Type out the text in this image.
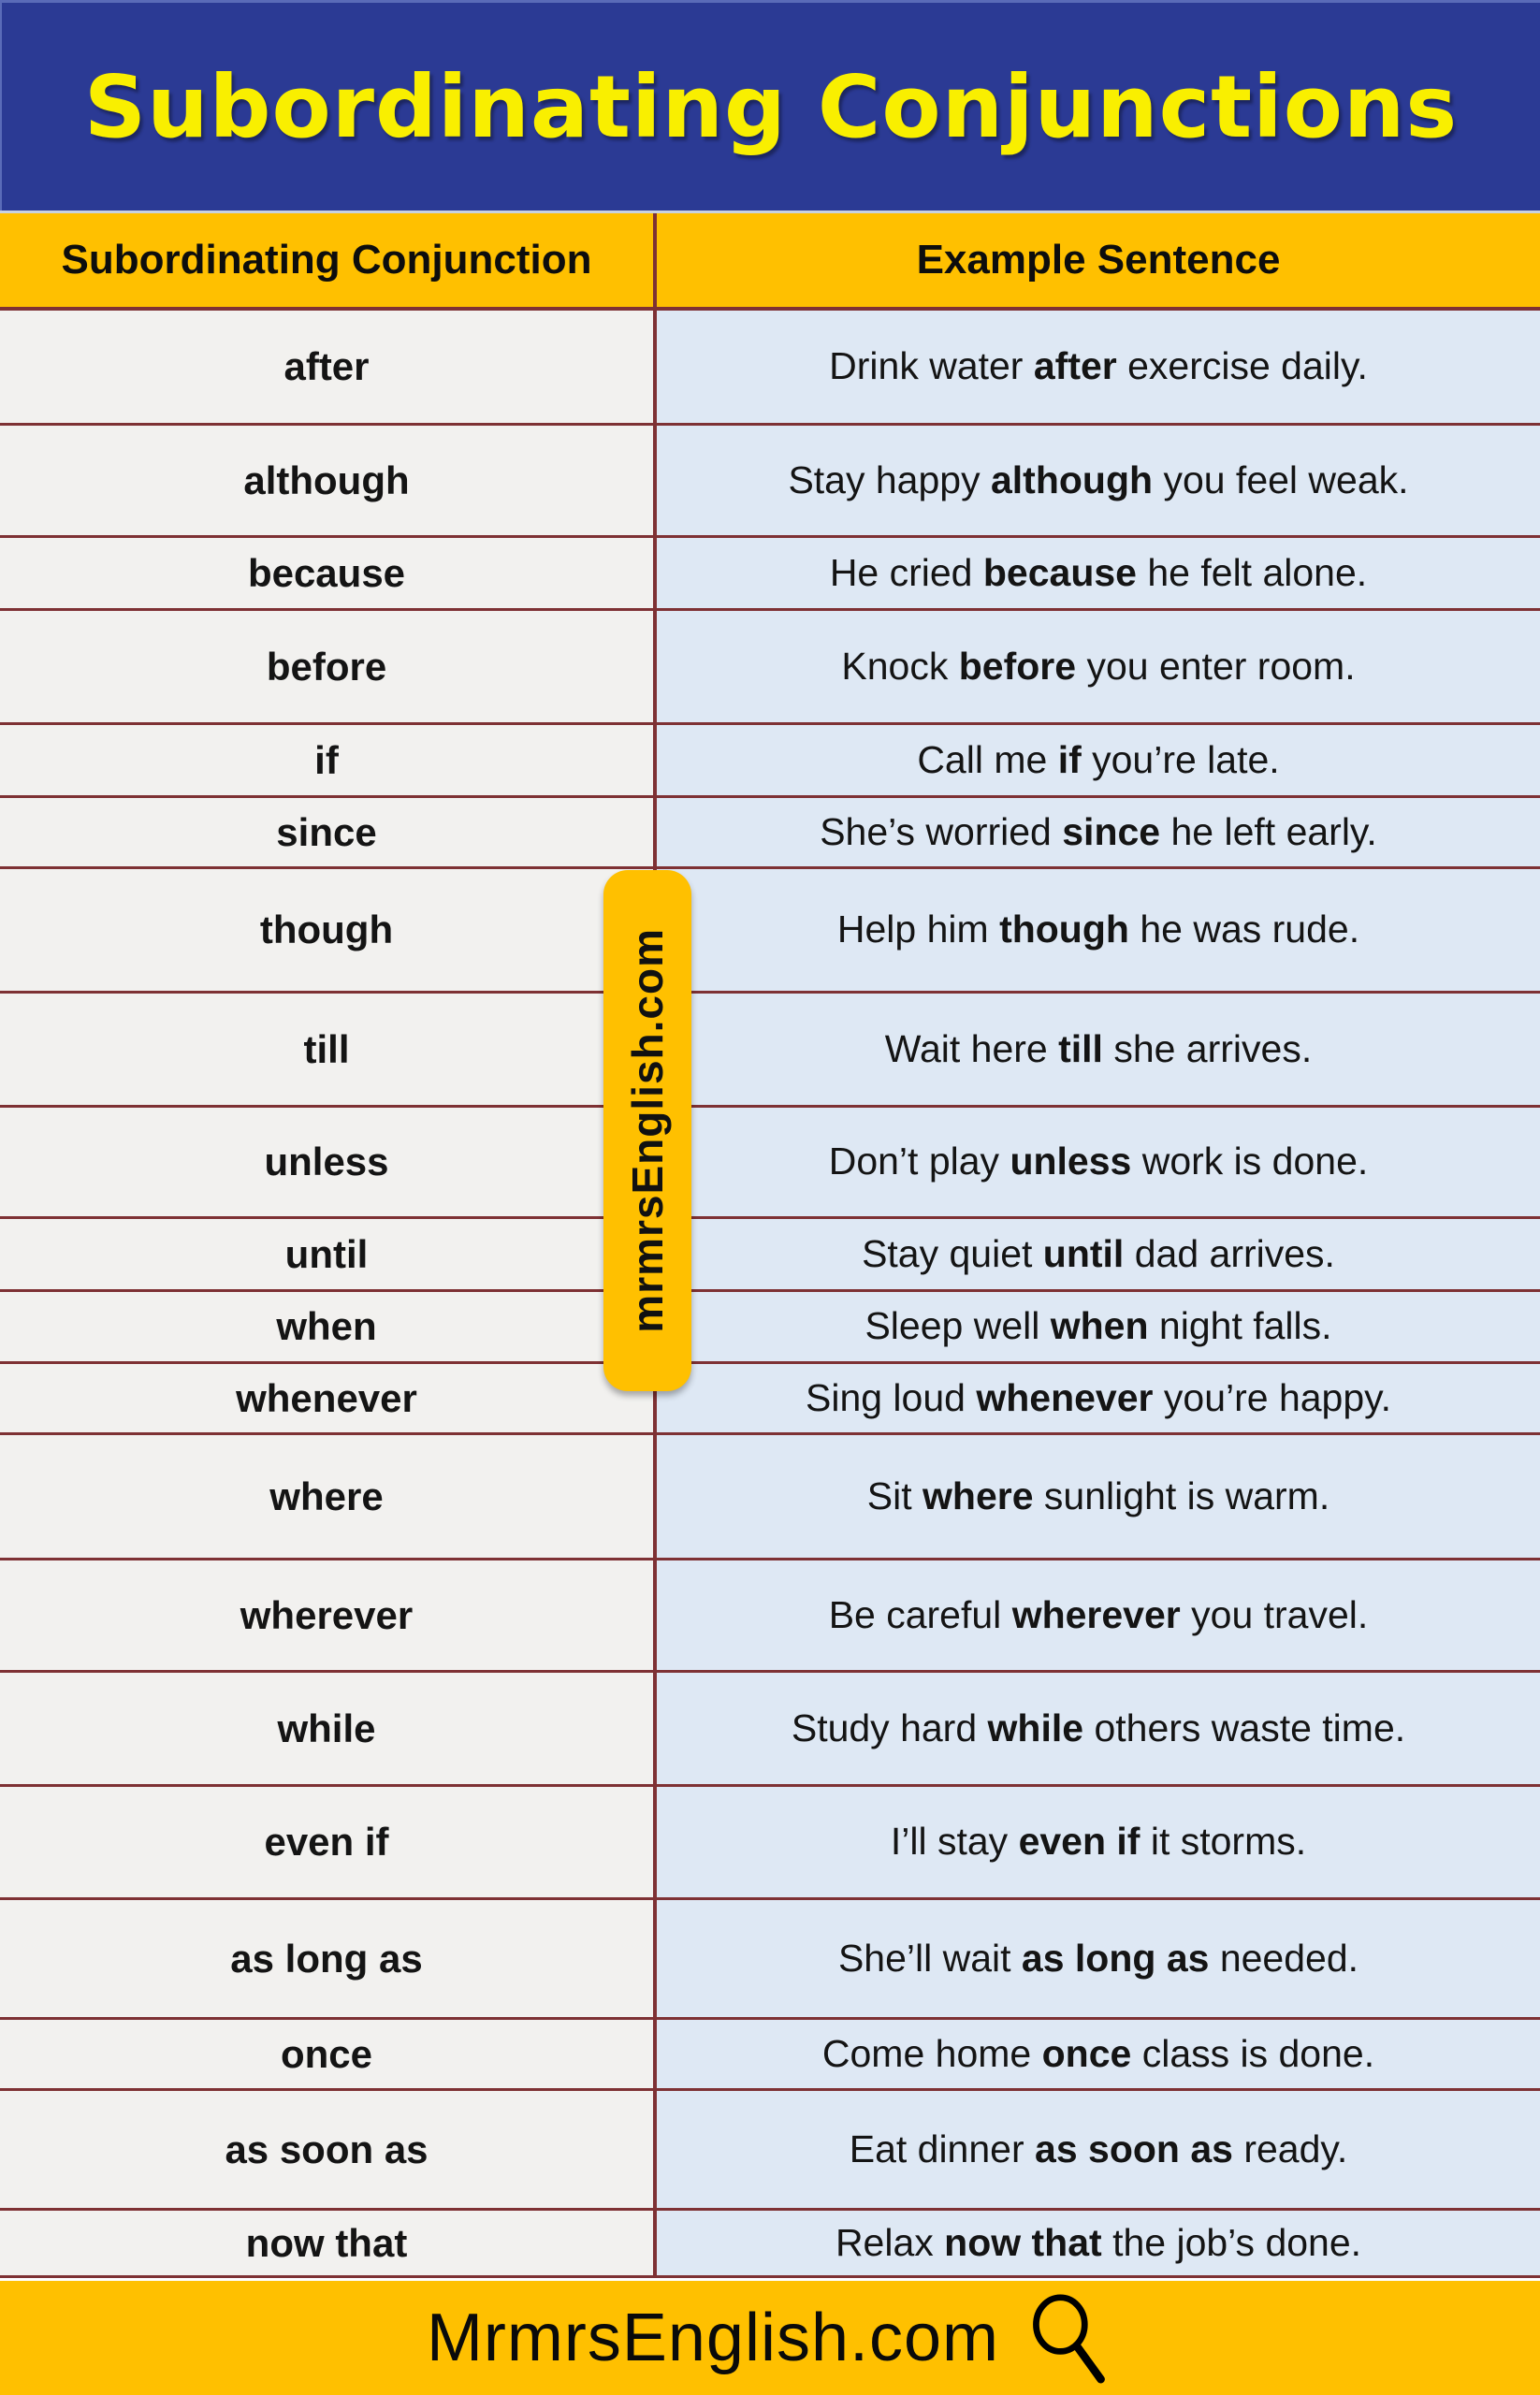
Subordinating Conjunctions
Subordinating Conjunction	Example Sentence
after	Drink water after exercise daily.
although	Stay happy although you feel weak.
because	He cried because he felt alone.
before	Knock before you enter room.
if	Call me if you’re late.
since	She’s worried since he left early.
though	Help him though he was rude.
till	Wait here till she arrives.
unless	Don’t play unless work is done.
until	Stay quiet until dad arrives.
when	Sleep well when night falls.
whenever	Sing loud whenever you’re happy.
where	Sit where sunlight is warm.
wherever	Be careful wherever you travel.
while	Study hard while others waste time.
even if	I’ll stay even if it storms.
as long as	She’ll wait as long as needed.
once	Come home once class is done.
as soon as	Eat dinner as soon as ready.
now that	Relax now that the job’s done.
mrmrsEnglish.com
MrmrsEnglish.com
